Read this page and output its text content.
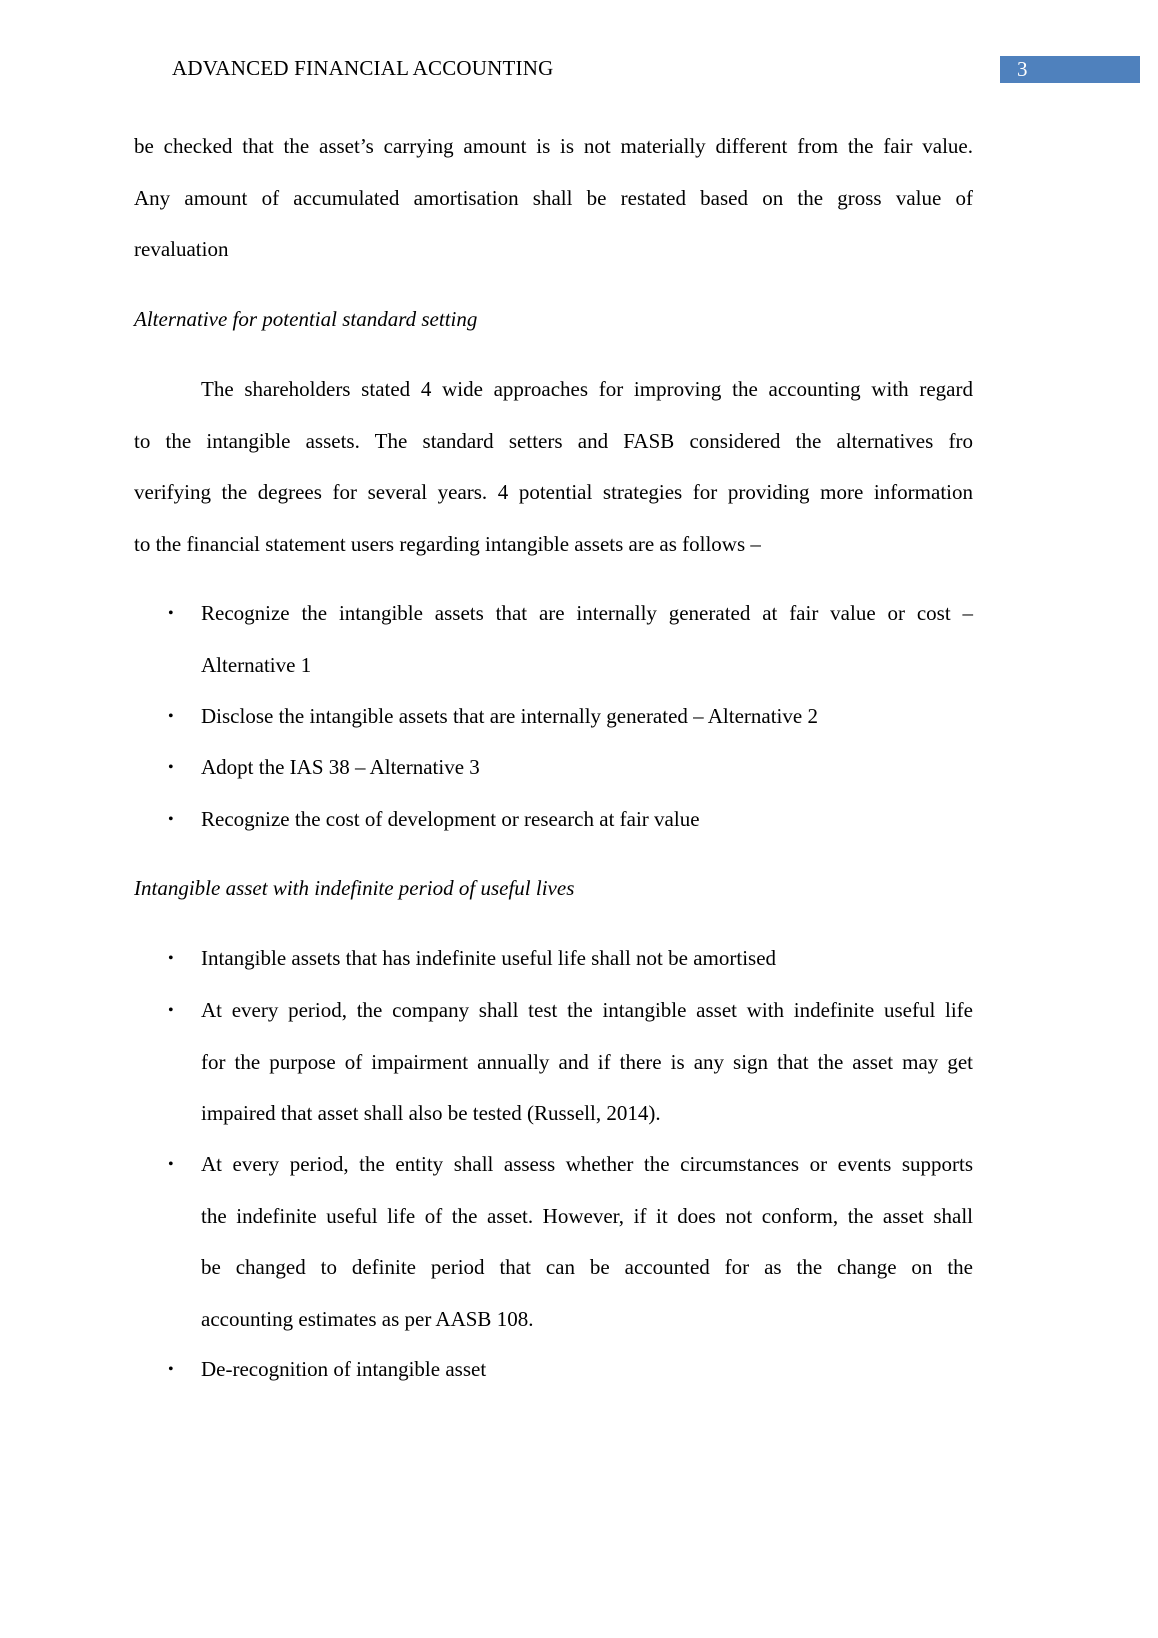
ADVANCED FINANCIAL ACCOUNTING	3
be checked that the asset’s carrying amount is is not materially different from the fair value.
Any amount of accumulated amortisation shall be restated based on the gross value of
revaluation
Alternative for potential standard setting
The shareholders stated 4 wide approaches for improving the accounting with regard
to the intangible assets. The standard setters and FASB considered the alternatives fro
verifying the degrees for several years. 4 potential strategies for providing more information
to the financial statement users regarding intangible assets are as follows –
• Recognize the intangible assets that are internally generated at fair value or cost –
Alternative 1
• Disclose the intangible assets that are internally generated – Alternative 2
• Adopt the IAS 38 – Alternative 3
• Recognize the cost of development or research at fair value
Intangible asset with indefinite period of useful lives
• Intangible assets that has indefinite useful life shall not be amortised
• At every period, the company shall test the intangible asset with indefinite useful life
for the purpose of impairment annually and if there is any sign that the asset may get
impaired that asset shall also be tested (Russell, 2014).
• At every period, the entity shall assess whether the circumstances or events supports
the indefinite useful life of the asset. However, if it does not conform, the asset shall
be changed to definite period that can be accounted for as the change on the
accounting estimates as per AASB 108.
• De-recognition of intangible asset
